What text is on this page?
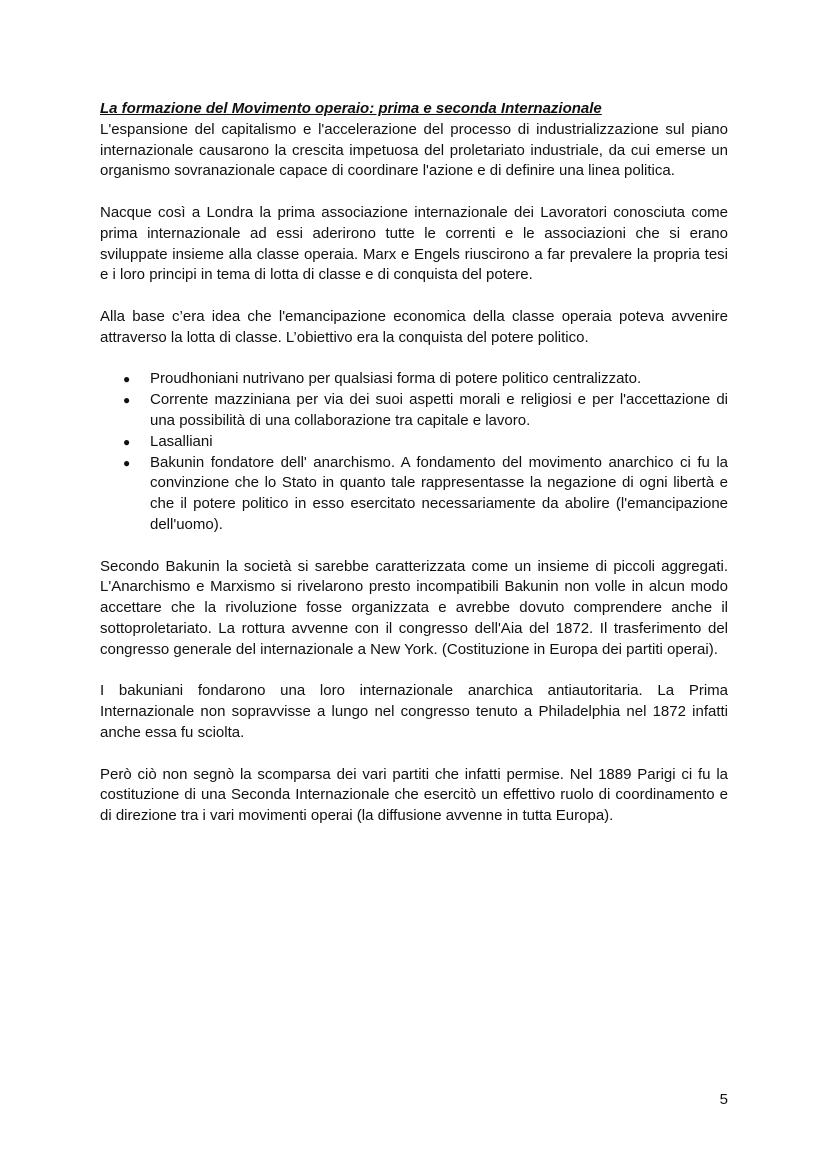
La formazione del Movimento operaio: prima e seconda Internazionale

L'espansione del capitalismo e l'accelerazione del processo di industrializzazione sul piano internazionale causarono la crescita impetuosa del proletariato industriale, da cui emerse un organismo sovranazionale capace di coordinare l'azione e di definire una linea politica.

Nacque così a Londra la prima associazione internazionale dei Lavoratori conosciuta come prima internazionale ad essi aderirono tutte le correnti e le associazioni che si erano sviluppate insieme alla classe operaia. Marx e Engels riuscirono a far prevalere la propria tesi e i loro principi in tema di lotta di classe e di conquista del potere.

Alla base c’era idea che l'emancipazione economica della classe operaia poteva avvenire attraverso la lotta di classe. L’obiettivo era la conquista del potere politico.

● Proudhoniani nutrivano per qualsiasi forma di potere politico centralizzato.
● Corrente mazziniana per via dei suoi aspetti morali e religiosi e per l'accettazione di una possibilità di una collaborazione tra capitale e lavoro.
● Lasalliani
● Bakunin fondatore dell' anarchismo. A fondamento del movimento anarchico ci fu la convinzione che lo Stato in quanto tale rappresentasse la negazione di ogni libertà e che il potere politico in esso esercitato necessariamente da abolire (l'emancipazione dell'uomo).

Secondo Bakunin la società si sarebbe caratterizzata come un insieme di piccoli aggregati. L'Anarchismo e Marxismo si rivelarono presto incompatibili Bakunin non volle in alcun modo accettare che la rivoluzione fosse organizzata e avrebbe dovuto comprendere anche il sottoproletariato. La rottura avvenne con il congresso dell'Aia del 1872. Il trasferimento del congresso generale del internazionale a New York. (Costituzione in Europa dei partiti operai).

I bakuniani fondarono una loro internazionale anarchica antiautoritaria. La Prima Internazionale non sopravvisse a lungo nel congresso tenuto a Philadelphia nel 1872 infatti anche essa fu sciolta.

Però ciò non segnò la scomparsa dei vari partiti che infatti permise. Nel 1889 Parigi ci fu la costituzione di una Seconda Internazionale che esercitò un effettivo ruolo di coordinamento e di direzione tra i vari movimenti operai (la diffusione avvenne in tutta Europa).

5
